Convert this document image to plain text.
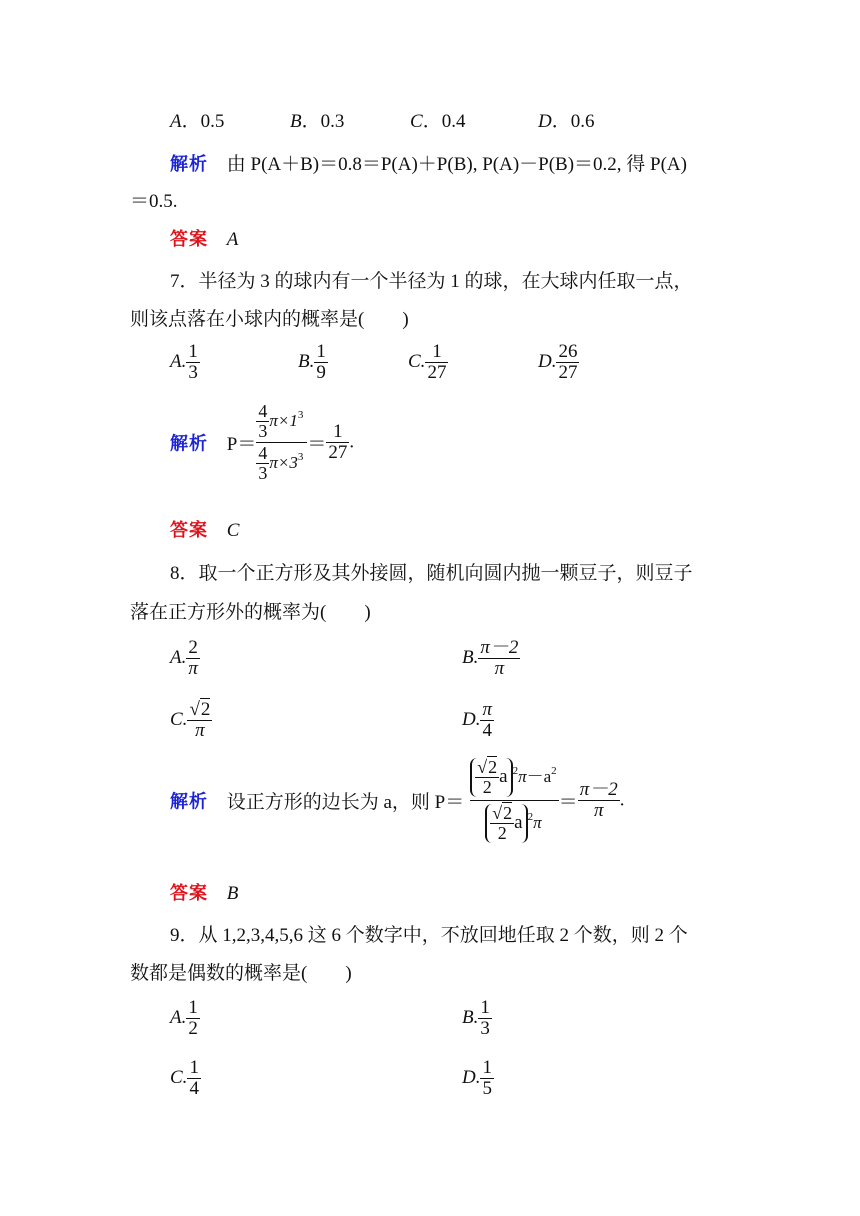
A．0.5	B．0.3	C．0.4	D．0.6
解析 由 P(A＋B)＝0.8＝P(A)＋P(B), P(A)－P(B)＝0.2, 得 P(A)
＝0.5.
答案 A
7．半径为 3 的球内有一个半径为 1 的球，在大球内任取一点，
则该点落在小球内的概率是(　　)
A. $\frac{1}{3}$	B. $\frac{1}{9}$	C. $\frac{1}{27}$	D. $\frac{26}{27}$
解析 $P= \frac{\frac{4}{3} \pi\times 1^3}{\frac{4}{3} \pi\times 3^3} = \frac{1}{27}$ .
答案 C
8．取一个正方形及其外接圆，随机向圆内抛一颗豆子，则豆子
落在正方形外的概率为(　　)
A. $\frac{2}{\pi}$	B. $\frac{\pi-2}{\pi}$
C. $\frac{√2}{\pi}$	D. $\frac{\pi}{4}$
解析 设正方形的边长为 a，则 $P= \frac{\frac{√2}{2} a ^2\pi-a^2}{\frac{√2}{2} a ^2\pi} = \frac{\pi-2}{\pi}$ .
答案 B
9．从 1,2,3,4,5,6 这 6 个数字中，不放回地任取 2 个数，则 2 个
数都是偶数的概率是(　　)
A. $\frac{1}{2}$	B. $\frac{1}{3}$
C. $\frac{1}{4}$	D. $\frac{1}{5}$
